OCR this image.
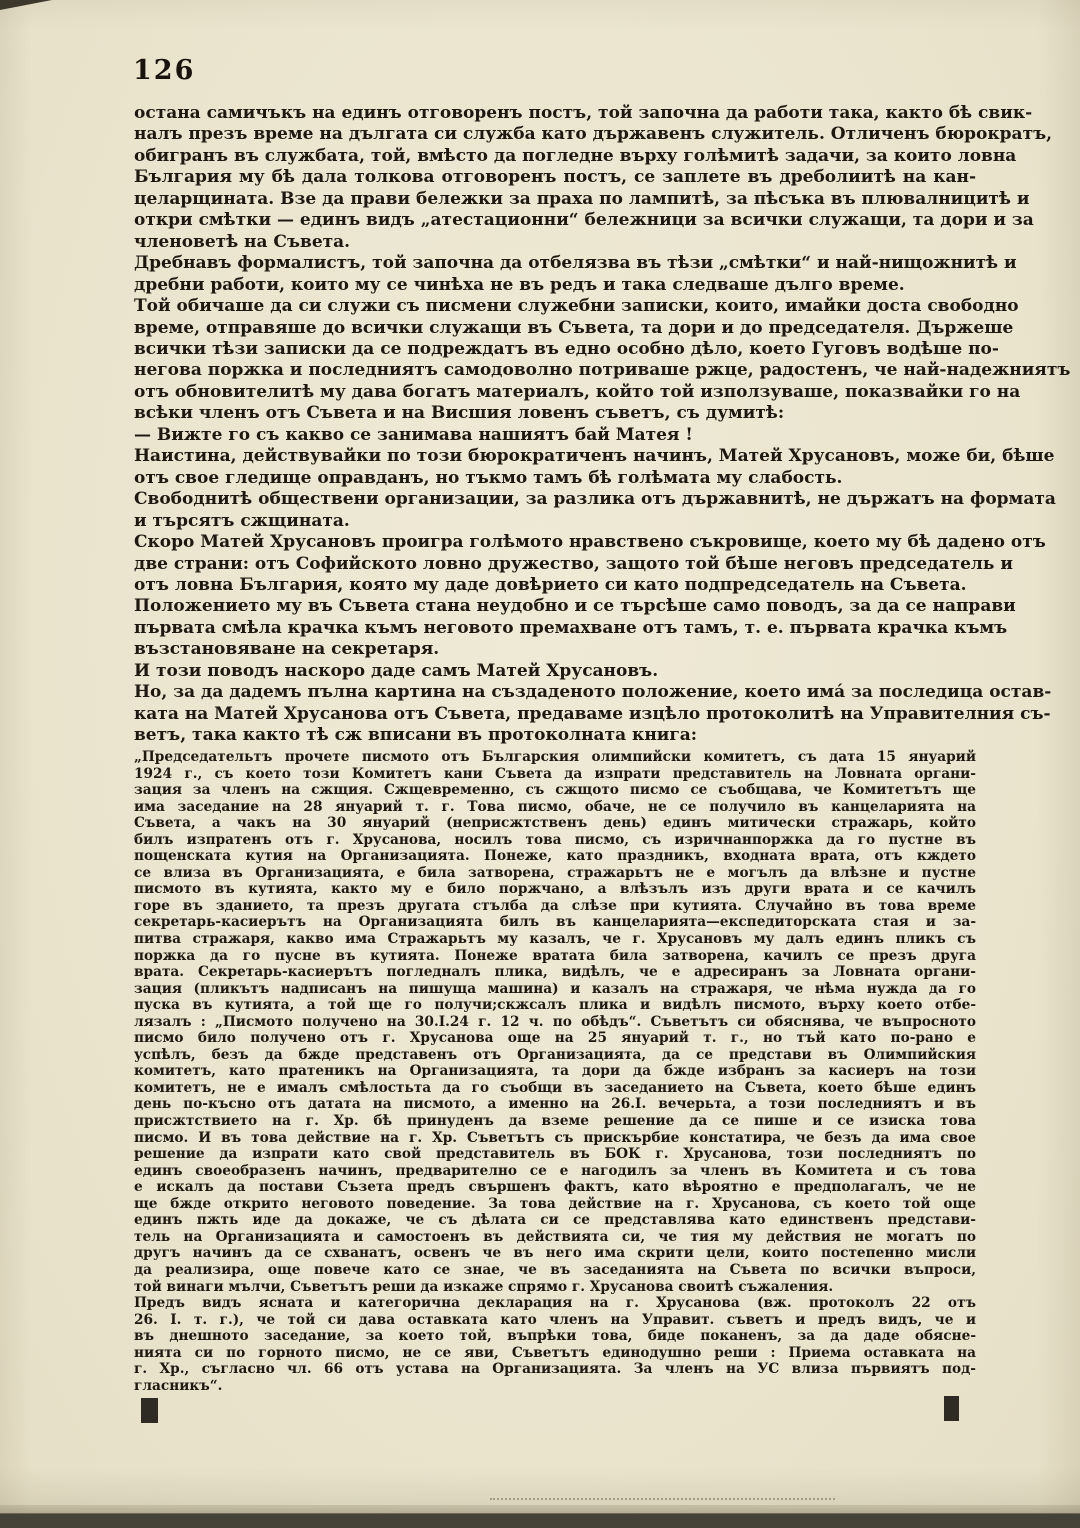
126
остана самичъкъ на единъ отговоренъ постъ, той започна да работи така, както бѣ свик-
налъ презъ време на дългата си служба като държавенъ служитель. Отличенъ бюрократъ,
обигранъ въ службата, той, вмѣсто да погледне върху голѣмитѣ задачи, за които ловна
България му бѣ дала толкова отговоренъ постъ, се заплете въ дреболиитѣ на кан-
целарщината. Взе да прави бележки за праха по лампитѣ, за пѣсъка въ плювалницитѣ и
откри смѣтки — единъ видъ „атестационни“ бележници за всички служащи, та дори и за
членоветѣ на Съвета.
Дребнавъ формалистъ, той започна да отбелязва въ тѣзи „смѣтки“ и най-нищожнитѣ и
дребни работи, които му се чинѣха не въ редъ и така следваше дълго време.
Той обичаше да си служи съ писмени служебни записки, които, имайки доста свободно
време, отправяше до всички служащи въ Съвета, та дори и до председателя. Държеше
всички тѣзи записки да се подреждатъ въ едно особно дѣло, което Гуговъ водѣше по-
негова поржка и последниятъ самодоволно потриваше ржце, радостенъ, че най-надежниятъ
отъ обновителитѣ му дава богатъ материалъ, който той използуваше, показвайки го на
всѣки членъ отъ Съвета и на Висшия ловенъ съветъ, съ думитѣ:
— Вижте го съ какво се занимава нашиятъ бай Матея !
Наистина, действувайки по този бюрократиченъ начинъ, Матей Хрусановъ, може би, бѣше
отъ свое гледище оправданъ, но тъкмо тамъ бѣ голѣмата му слабость.
Свободнитѣ обществени организации, за разлика отъ държавнитѣ, не държатъ на формата
и търсятъ сжщината.
Скоро Матей Хрусановъ проигра голѣмото нравствено съкровище, което му бѣ дадено отъ
две страни: отъ Софийското ловно дружество, защото той бѣше неговъ председатель и
отъ ловна България, която му даде довѣрието си като подпредседатель на Съвета.
Положението му въ Съвета стана неудобно и се търсѣше само поводъ, за да се направи
първата смѣла крачка къмъ неговото премахване отъ тамъ, т. е. първата крачка къмъ
възстановяване на секретаря.
И този поводъ наскоро даде самъ Матей Хрусановъ.
Но, за да дадемъ пълна картина на създаденото положение, което има́ за последица остав-
ката на Матей Хрусанова отъ Съвета, предаваме изцѣло протоколитѣ на Управителния съ-
ветъ, така както тѣ сж вписани въ протоколната книга:
„Председательтъ прочете писмото отъ Българския олимпийски комитетъ, съ дата 15 януарий
1924 г., съ което този Комитетъ кани Съвета да изпрати представитель на Ловната органи-
зация за членъ на сжщия. Сжщевременно, съ сжщото писмо се съобщава, че Комитетътъ ще
има заседание на 28 януарий т. г. Това писмо, обаче, не се получило въ канцеларията на
Съвета, а чакъ на 30 януарий (неприсжтственъ день) единъ митически стражарь, който
билъ изпратенъ отъ г. Хрусанова, носилъ това писмо, съ изричнанпоржка да го пустне въ
пощенската кутия на Организацията. Понеже, като праздникъ, входната врата, отъ кждето
се влиза въ Организацията, е била затворена, стражарьтъ не е могълъ да влѣзне и пустне
писмото въ кутията, както му е било поржчано, а влѣзълъ изъ други врата и се качилъ
горе въ зданието, та презъ другата стълба да слѣзе при кутията. Случайно въ това време
секретарь-касиерътъ на Организацията билъ въ канцеларията—експедиторската стая и за-
питва стражаря, какво има Стражарьтъ му казалъ, че г. Хрусановъ му далъ единъ пликъ съ
поржка да го пусне въ кутията. Понеже вратата била затворена, качилъ се презъ друга
врата. Секретарь-касиерътъ погледналъ плика, видѣлъ, че е адресиранъ за Ловната органи-
зация (пликътъ надписанъ на пишуща машина) и казалъ на стражаря, че нѣма нужда да го
пуска въ кутията, а той ще го получи;скжсалъ плика и видѣлъ писмото, върху което отбе-
лязалъ : „Писмото получено на 30.I.24 г. 12 ч. по обѣдъ“. Съветътъ си обяснява, че въпросното
писмо било получено отъ г. Хрусанова още на 25 януарий т. г., но тъй като по-рано е
успѣлъ, безъ да бжде представенъ отъ Организацията, да се представи въ Олимпийския
комитетъ, като пратеникъ на Организацията, та дори да бжде избранъ за касиеръ на този
комитетъ, не е ималъ смѣлостьта да го съобщи въ заседанието на Съвета, което бѣше единъ
день по-късно отъ датата на писмото, а именно на 26.I. вечерьта, а този последниятъ и въ
присжтствието на г. Хр. бѣ принуденъ да вземе решение да се пише и се изиска това
писмо. И въ това действие на г. Хр. Съветътъ съ прискърбие констатира, че безъ да има свое
решение да изпрати като свой представитель въ БОК г. Хрусанова, този последниятъ по
единъ своеобразенъ начинъ, предварително се е нагодилъ за членъ въ Комитета и съ това
е искалъ да постави Съзета предъ свършенъ фактъ, като вѣроятно е предполагалъ, че не
ще бжде открито неговото поведение. За това действие на г. Хрусанова, съ което той още
единъ пжть иде да докаже, че съ дѣлата си се представлява като единственъ представи-
тель на Организацията и самостоенъ въ действията си, че тия му действия не могатъ по
другъ начинъ да се схванатъ, освенъ че въ него има скрити цели, които постепенно мисли
да реализира, още повече като се знае, че въ заседанията на Съвета по всички въпроси,
той винаги мълчи, Съветътъ реши да изкаже спрямо г. Хрусанова своитѣ съжаления.
Предъ видъ ясната и категорична декларация на г. Хрусанова (вж. протоколъ 22 отъ
26. I. т. г.), че той си дава оставката като членъ на Управит. съветъ и предъ видъ, че и
въ днешното заседание, за което той, въпрѣки това, биде поканенъ, за да даде обясне-
нията си по горното писмо, не се яви, Съветътъ единодушно реши : Приема оставката на
г. Хр., съгласно чл. 66 отъ устава на Организацията. За членъ на УС влиза първиятъ под-
гласникъ“.
